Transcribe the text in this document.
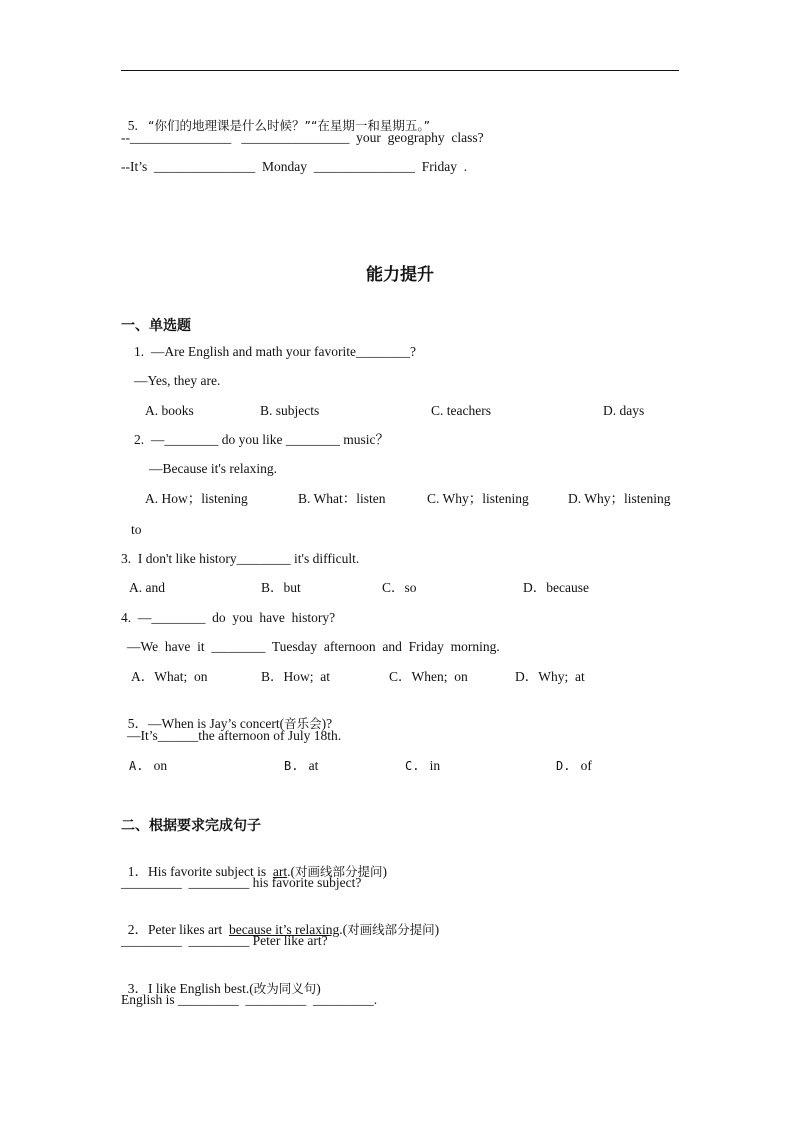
5. “你们的地理课是什么时候？”“在星期一和星期五。”

--_______________   ________________  your  geography  class?
--It’s  _______________  Monday  _______________  Friday  .
能力提升
一、单选题
1.  —Are English and math your favorite________?
—Yes, they are.
A. books	B. subjects	C. teachers	D. days
2.  —________ do you like ________ music？
—Because it's relaxing.
A. How；listening	B. What：listen	C. Why；listening	D. Why；listening
to
3.  I don't like history________ it's difficult.
A. and	B．but	C．so	D．because
4.  —________  do  you  have  history?
—We  have  it  ________  Tuesday  afternoon  and  Friday  morning.
A．What;  on	B．How;  at	C．When;  on	D．Why;  at

5．—When is Jay’s concert(音乐会)?

—It’s______the afternoon of July 18th.
A. on	B. at	C. in	D. of
二、根据要求完成句子

1．His favorite subject is  art.(对画线部分提问)

_________  _________ his favorite subject?

2．Peter likes art  because it’s relaxing.(对画线部分提问)

_________  _________ Peter like art?

3．I like English best.(改为同义句)

English is _________  _________  _________.
